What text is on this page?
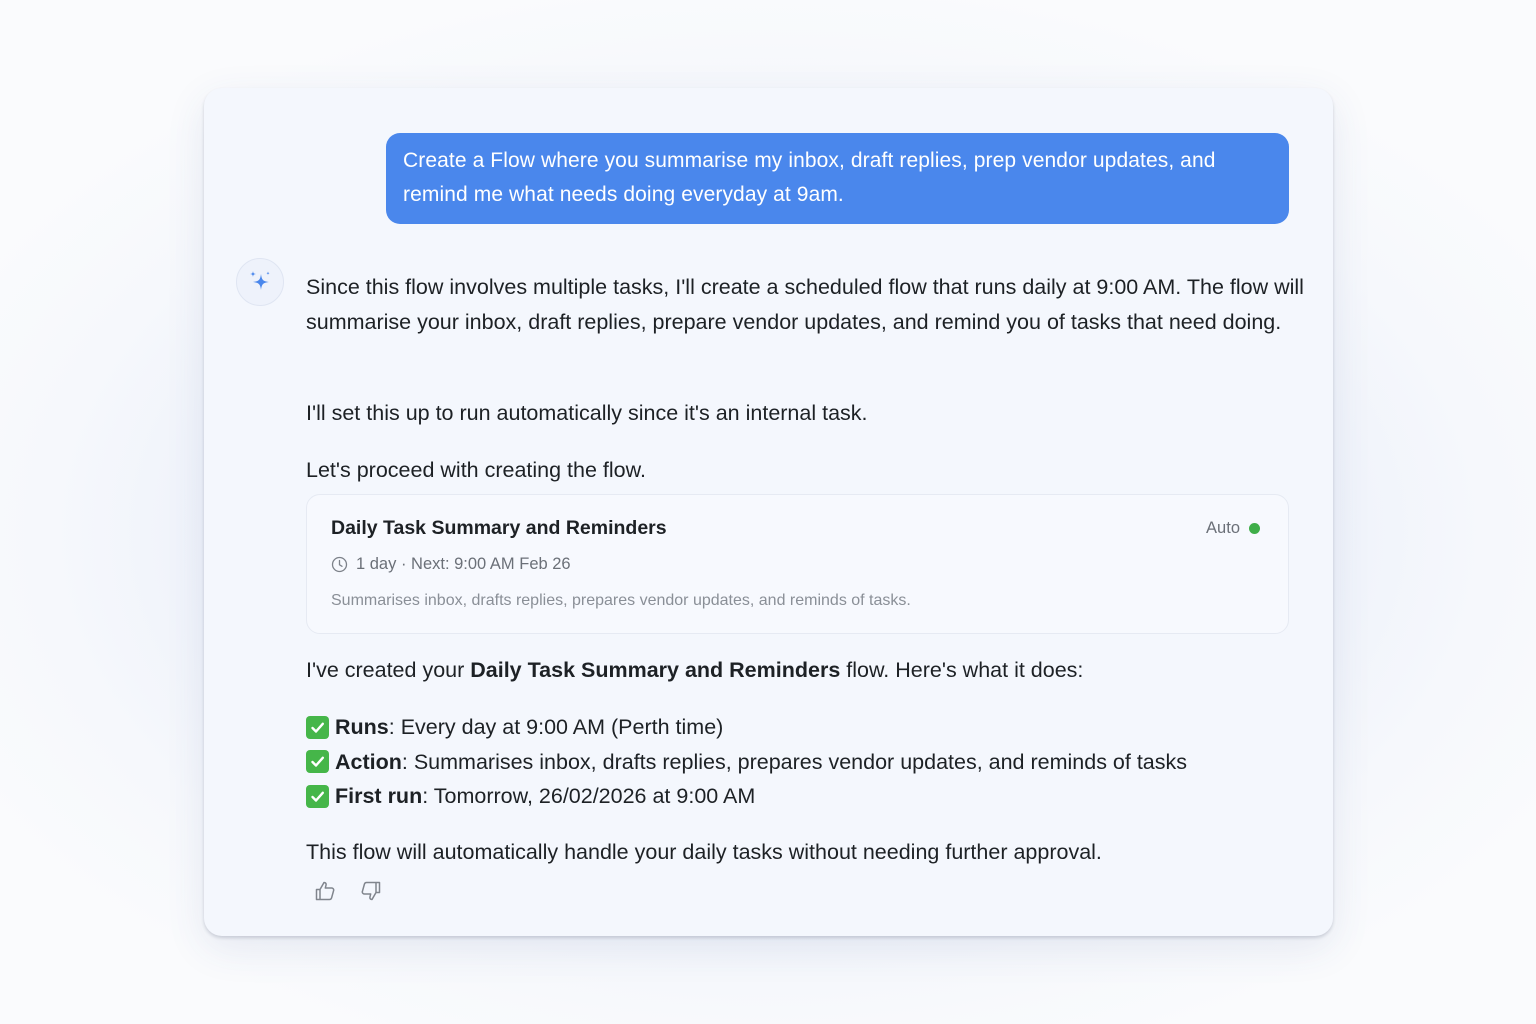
Create a Flow where you summarise my inbox, draft replies, prep vendor updates, and remind me what needs doing everyday at 9am.
Since this flow involves multiple tasks, I'll create a scheduled flow that runs daily at 9:00 AM. The flow will summarise your inbox, draft replies, prepare vendor updates, and remind you of tasks that need doing.
I'll set this up to run automatically since it's an internal task.
Let's proceed with creating the flow.
Daily Task Summary and Reminders	Auto
1 day · Next: 9:00 AM Feb 26
Summarises inbox, drafts replies, prepares vendor updates, and reminds of tasks.
I've created your Daily Task Summary and Reminders flow. Here's what it does:
Runs : Every day at 9:00 AM (Perth time)
Action : Summarises inbox, drafts replies, prepares vendor updates, and reminds of tasks
First run : Tomorrow, 26/02/2026 at 9:00 AM
This flow will automatically handle your daily tasks without needing further approval.
